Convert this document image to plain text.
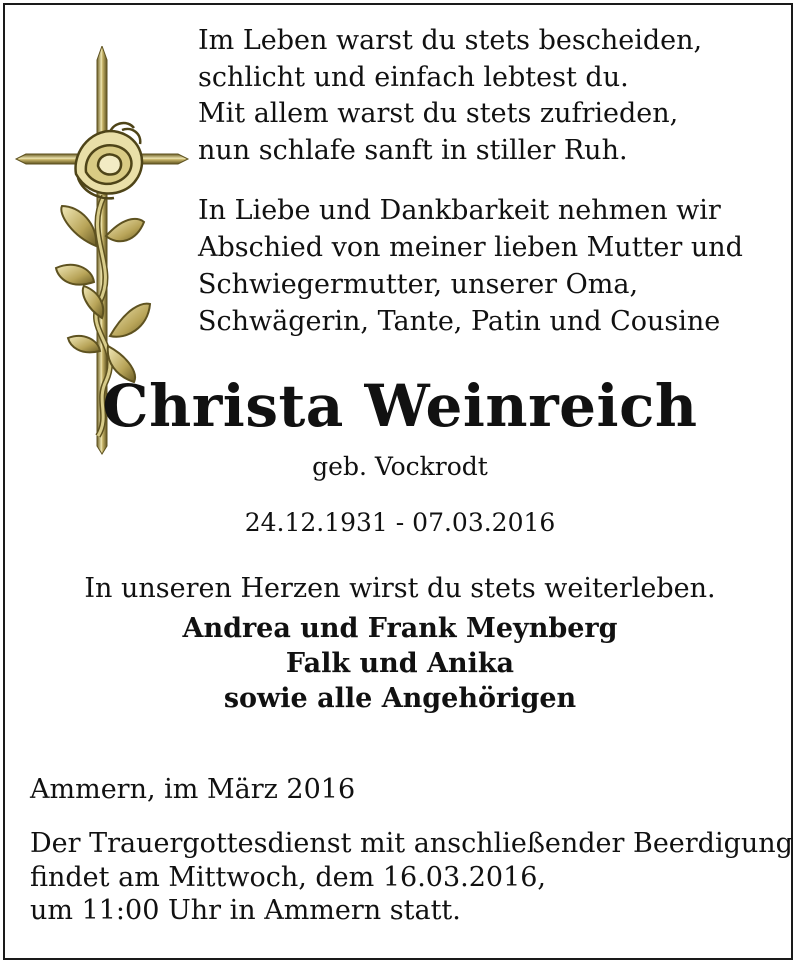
Im Leben warst du stets bescheiden,
schlicht und einfach lebtest du.
Mit allem warst du stets zufrieden,
nun schlafe sanft in stiller Ruh.
In Liebe und Dankbarkeit nehmen wir
Abschied von meiner lieben Mutter und
Schwiegermutter, unserer Oma,
Schwägerin, Tante, Patin und Cousine
Christa Weinreich

geb. Vockrodt

24.12.1931 - 07.03.2016

In unseren Herzen wirst du stets weiterleben.

Andrea und Frank Meynberg
Falk und Anika
sowie alle Angehörigen

Ammern, im März 2016

Der Trauergottesdienst mit anschließender Beerdigung
findet am Mittwoch, dem 16.03.2016,
um 11:00 Uhr in Ammern statt.
